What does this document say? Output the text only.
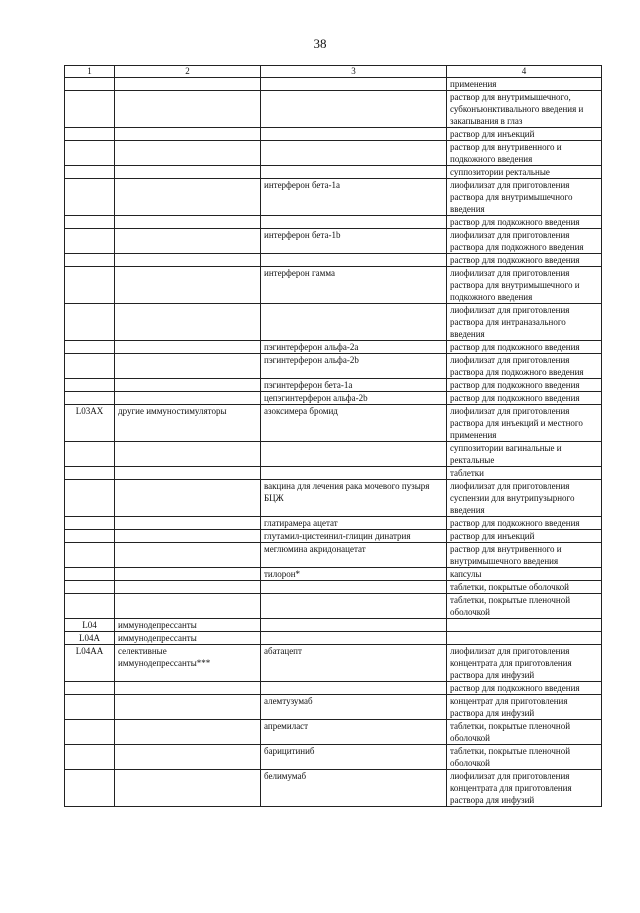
38
1	2	3	4
			применения
			раствор для внутримышечного, субконъюнктивального введения и закапывания в глаз
			раствор для инъекций
			раствор для внутривенного и подкожного введения
			суппозитории ректальные
		интерферон бета-1a	лиофилизат для приготовления раствора для внутримышечного введения
			раствор для подкожного введения
		интерферон бета-1b	лиофилизат для приготовления раствора для подкожного введения
			раствор для подкожного введения
		интерферон гамма	лиофилизат для приготовления раствора для внутримышечного и подкожного введения
			лиофилизат для приготовления раствора для интраназального введения
		пэгинтерферон альфа-2a	раствор для подкожного введения
		пэгинтерферон альфа-2b	лиофилизат для приготовления раствора для подкожного введения
		пэгинтерферон бета-1a	раствор для подкожного введения
		цепэгинтерферон альфа-2b	раствор для подкожного введения
L03AX	другие иммуностимуляторы	азоксимера бромид	лиофилизат для приготовления раствора для инъекций и местного применения
			суппозитории вагинальные и ректальные
			таблетки
		вакцина для лечения рака мочевого пузыря БЦЖ	лиофилизат для приготовления суспензии для внутрипузырного введения
		глатирамера ацетат	раствор для подкожного введения
		глутамил-цистеинил-глицин динатрия	раствор для инъекций
		меглюмина акридонацетат	раствор для внутривенного и внутримышечного введения
		тилорон*	капсулы
			таблетки, покрытые оболочкой
			таблетки, покрытые пленочной оболочкой
L04	иммунодепрессанты		
L04A	иммунодепрессанты		
L04AA	селективные иммунодепрессанты***	абатацепт	лиофилизат для приготовления концентрата для приготовления раствора для инфузий
			раствор для подкожного введения
		алемтузумаб	концентрат для приготовления раствора для инфузий
		апремиласт	таблетки, покрытые пленочной оболочкой
		барицитиниб	таблетки, покрытые пленочной оболочкой
		белимумаб	лиофилизат для приготовления концентрата для приготовления раствора для инфузий
